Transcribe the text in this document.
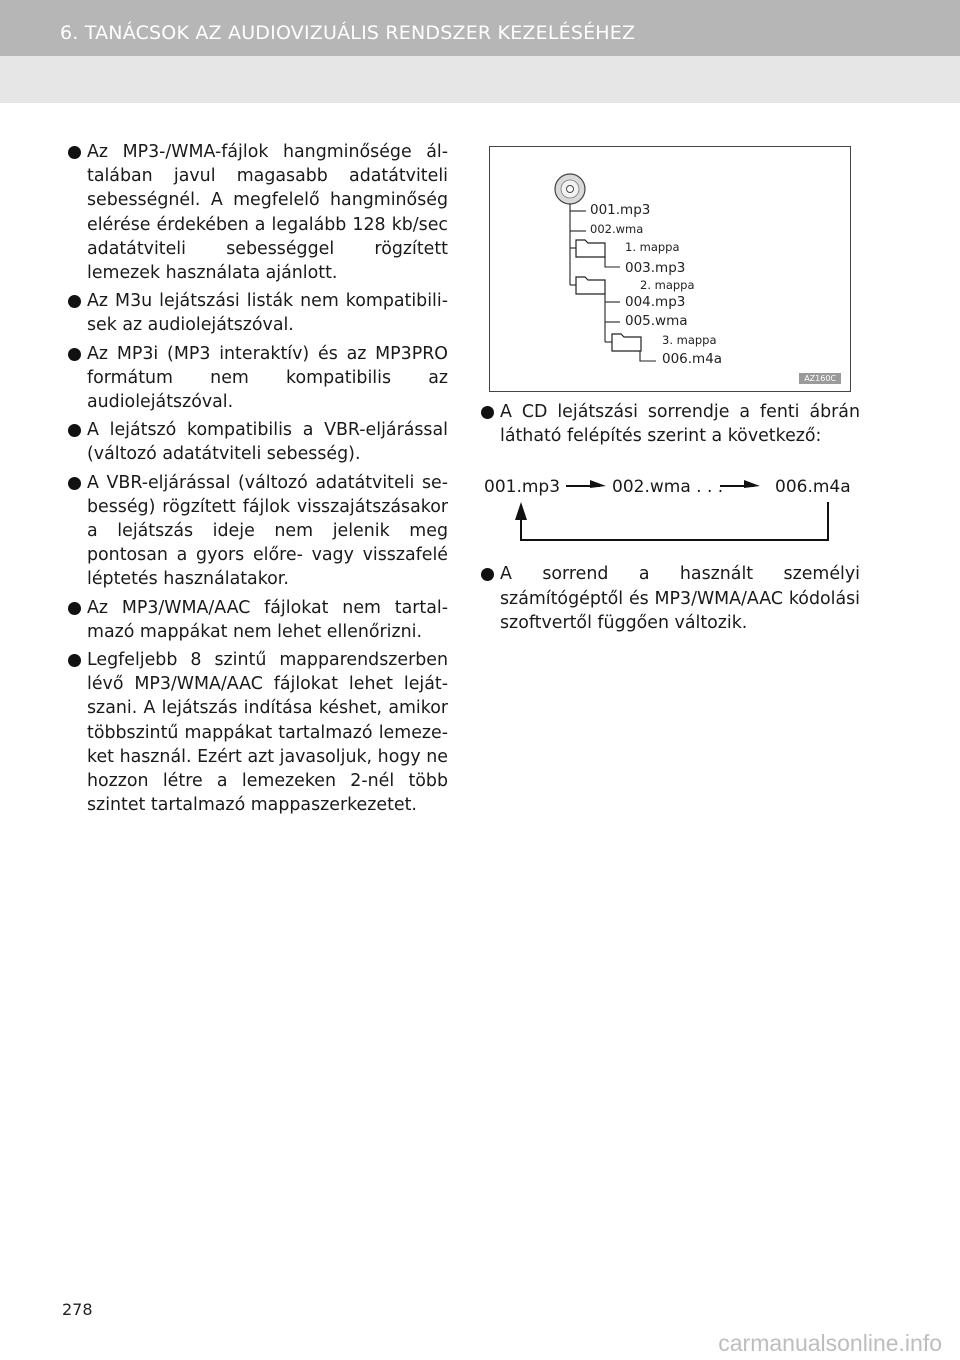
6. TANÁCSOK AZ AUDIOVIZUÁLIS RENDSZER KEZELÉSÉHEZ
Az MP3-/WMA-fájlok hangminősége általában javul magasabb adatátviteli sebességnél. A megfelelő hangminőség elérése érdekében a legalább 128 kb/sec adatátviteli sebességgel rögzített lemezek használata ajánlott.
Az M3u lejátszási listák nem kompatibilisek az audiolejátszóval.
Az MP3i (MP3 interaktív) és az MP3PRO formátum nem kompatibilis az audiolejátszóval.
A lejátszó kompatibilis a VBR-eljárással (változó adatátviteli sebesség).
A VBR-eljárással (változó adatátviteli sebesség) rögzített fájlok visszajátszásakor a lejátszás ideje nem jelenik meg pontosan a gyors előre- vagy visszafelé léptetés használatakor.
Az MP3/WMA/AAC fájlokat nem tartalmazó mappákat nem lehet ellenőrizni.
Legfeljebb 8 szintű mapparendszerben lévő MP3/WMA/AAC fájlokat lehet lejátszani. A lejátszás indítása késhet, amikor többszintű mappákat tartalmazó lemezeket használ. Ezért azt javasoljuk, hogy ne hozzon létre a lemezeken 2-nél több szintet tartalmazó mappaszerkezetet.
001.mp3
002.wma
1. mappa
003.mp3
2. mappa
004.mp3
005.wma
3. mappa
006.m4a
AZ160C
A CD lejátszási sorrendje a fenti ábrán látható felépítés szerint a következő:
A sorrend a használt személyi számítógéptől és MP3/WMA/AAC kódolási szoftvertől függően változik.
001.mp3	002.wma . . .	006.m4a
278
carmanualsonline.info
